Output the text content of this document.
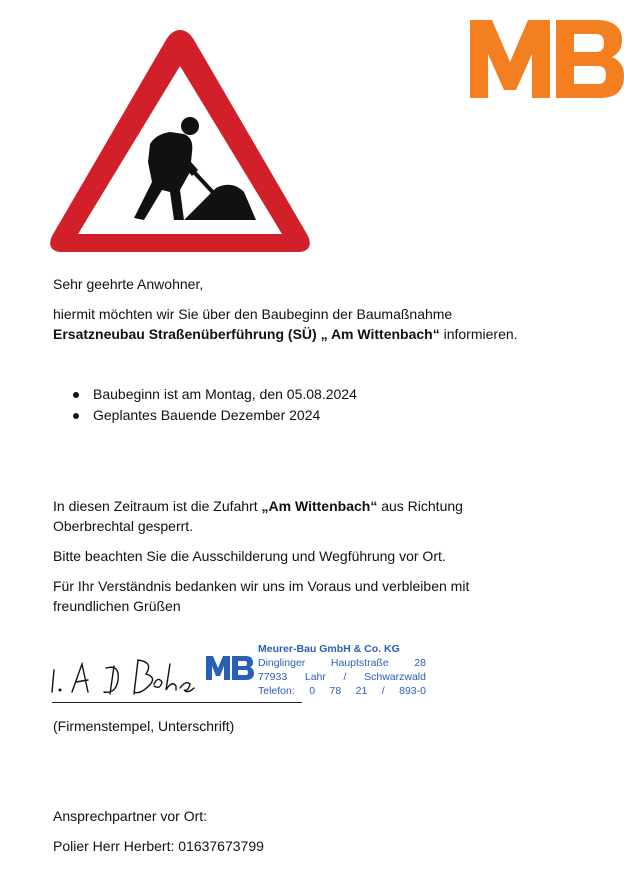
Sehr geehrte Anwohner,
hiermit möchten wir Sie über den Baubeginn der Baumaßnahme
Ersatzneubau Straßenüberführung (SÜ) „ Am Wittenbach“ informieren.
Baubeginn ist am Montag, den 05.08.2024
Geplantes Bauende Dezember 2024
In diesen Zeitraum ist die Zufahrt „Am Wittenbach“ aus Richtung
Oberbrechtal gesperrt.
Bitte beachten Sie die Ausschilderung und Wegführung vor Ort.
Für Ihr Verständnis bedanken wir uns im Voraus und verbleiben mit
freundlichen Grüßen
Meurer-Bau GmbH & Co. KG
Dinglinger Hauptstraße 28
77933 Lahr / Schwarzwald
Telefon: 0 78 21 / 893-0
(Firmenstempel, Unterschrift)
Ansprechpartner vor Ort:
Polier Herr Herbert: 01637673799
